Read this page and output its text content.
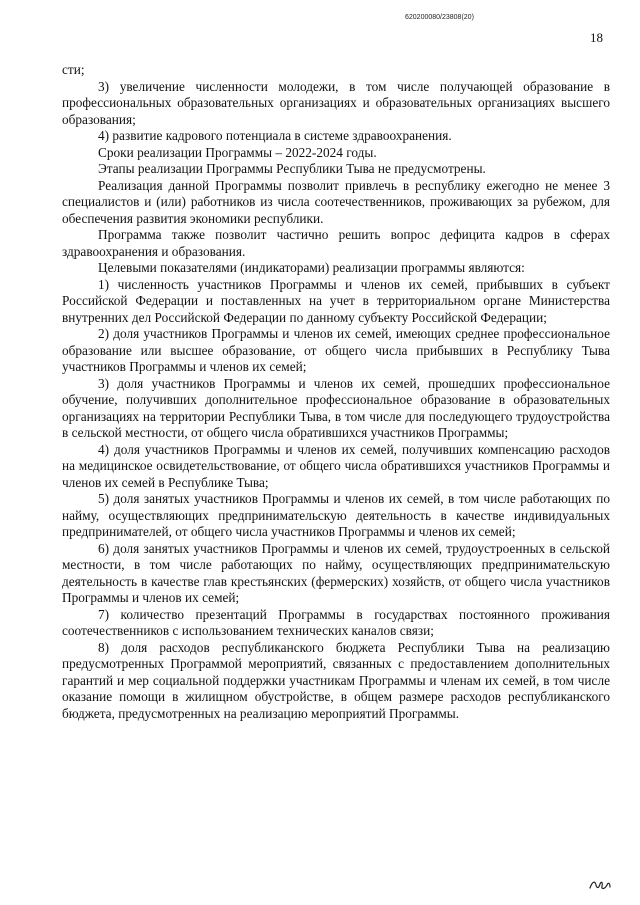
620200080/23808(20)
18

сти;

3) увеличение численности молодежи, в том числе получающей образование в профессиональных образовательных организациях и образовательных организациях высшего образования;

4) развитие кадрового потенциала в системе здравоохранения.

Сроки реализации Программы – 2022-2024 годы.

Этапы реализации Программы Республики Тыва не предусмотрены.

Реализация данной Программы позволит привлечь в республику ежегодно не менее 3 специалистов и (или) работников из числа соотечественников, проживающих за рубежом, для обеспечения развития экономики республики.

Программа также позволит частично решить вопрос дефицита кадров в сферах здравоохранения и образования.

Целевыми показателями (индикаторами) реализации программы являются:

1) численность участников Программы и членов их семей, прибывших в субъект Российской Федерации и поставленных на учет в территориальном органе Министерства внутренних дел Российской Федерации по данному субъекту Российской Федерации;

2) доля участников Программы и членов их семей, имеющих среднее профессиональное образование или высшее образование, от общего числа прибывших в Республику Тыва участников Программы и членов их семей;

3) доля участников Программы и членов их семей, прошедших профессиональное обучение, получивших дополнительное профессиональное образование в образовательных организациях на территории Республики Тыва, в том числе для последующего трудоустройства в сельской местности, от общего числа обратившихся участников Программы;

4) доля участников Программы и членов их семей, получивших компенсацию расходов на медицинское освидетельствование, от общего числа обратившихся участников Программы и членов их семей в Республике Тыва;

5) доля занятых участников Программы и членов их семей, в том числе работающих по найму, осуществляющих предпринимательскую деятельность в качестве индивидуальных предпринимателей, от общего числа участников Программы и членов их семей;

6) доля занятых участников Программы и членов их семей, трудоустроенных в сельской местности, в том числе работающих по найму, осуществляющих предпринимательскую деятельность в качестве глав крестьянских (фермерских) хозяйств, от общего числа участников Программы и членов их семей;

7) количество презентаций Программы в государствах постоянного проживания соотечественников с использованием технических каналов связи;

8) доля расходов республиканского бюджета Республики Тыва на реализацию предусмотренных Программой мероприятий, связанных с предоставлением дополнительных гарантий и мер социальной поддержки участникам Программы и членам их семей, в том числе оказание помощи в жилищном обустройстве, в общем размере расходов республиканского бюджета, предусмотренных на реализацию мероприятий Программы.
